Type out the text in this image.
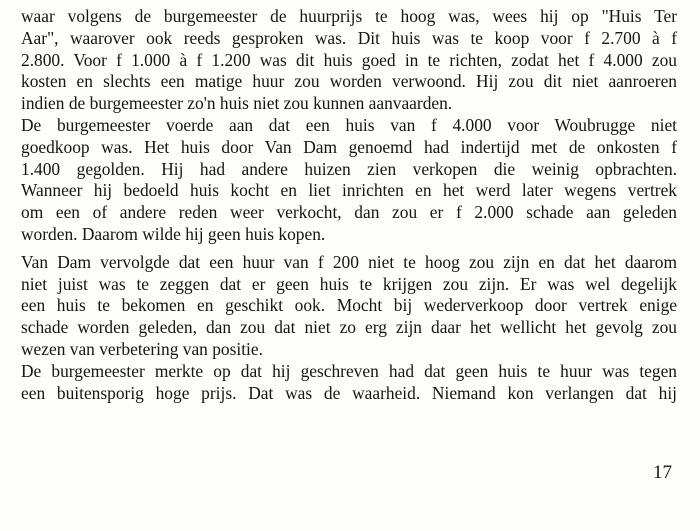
waar volgens de burgemeester de huurprijs te hoog was, wees hij op "Huis Ter
Aar", waarover ook reeds gesproken was. Dit huis was te koop voor f 2.700 à f
2.800. Voor f 1.000 à f 1.200 was dit huis goed in te richten, zodat het f 4.000 zou
kosten en slechts een matige huur zou worden verwoond. Hij zou dit niet aanroeren
indien de burgemeester zo'n huis niet zou kunnen aanvaarden.

De burgemeester voerde aan dat een huis van f 4.000 voor Woubrugge niet
goedkoop was. Het huis door Van Dam genoemd had indertijd met de onkosten f
1.400 gegolden. Hij had andere huizen zien verkopen die weinig opbrachten.
Wanneer hij bedoeld huis kocht en liet inrichten en het werd later wegens vertrek
om een of andere reden weer verkocht, dan zou er f 2.000 schade aan geleden
worden. Daarom wilde hij geen huis kopen.

Van Dam vervolgde dat een huur van f 200 niet te hoog zou zijn en dat het daarom
niet juist was te zeggen dat er geen huis te krijgen zou zijn. Er was wel degelijk
een huis te bekomen en geschikt ook. Mocht bij wederverkoop door vertrek enige
schade worden geleden, dan zou dat niet zo erg zijn daar het wellicht het gevolg zou
wezen van verbetering van positie.

De burgemeester merkte op dat hij geschreven had dat geen huis te huur was tegen
een buitensporig hoge prijs. Dat was de waarheid. Niemand kon verlangen dat hij

17
